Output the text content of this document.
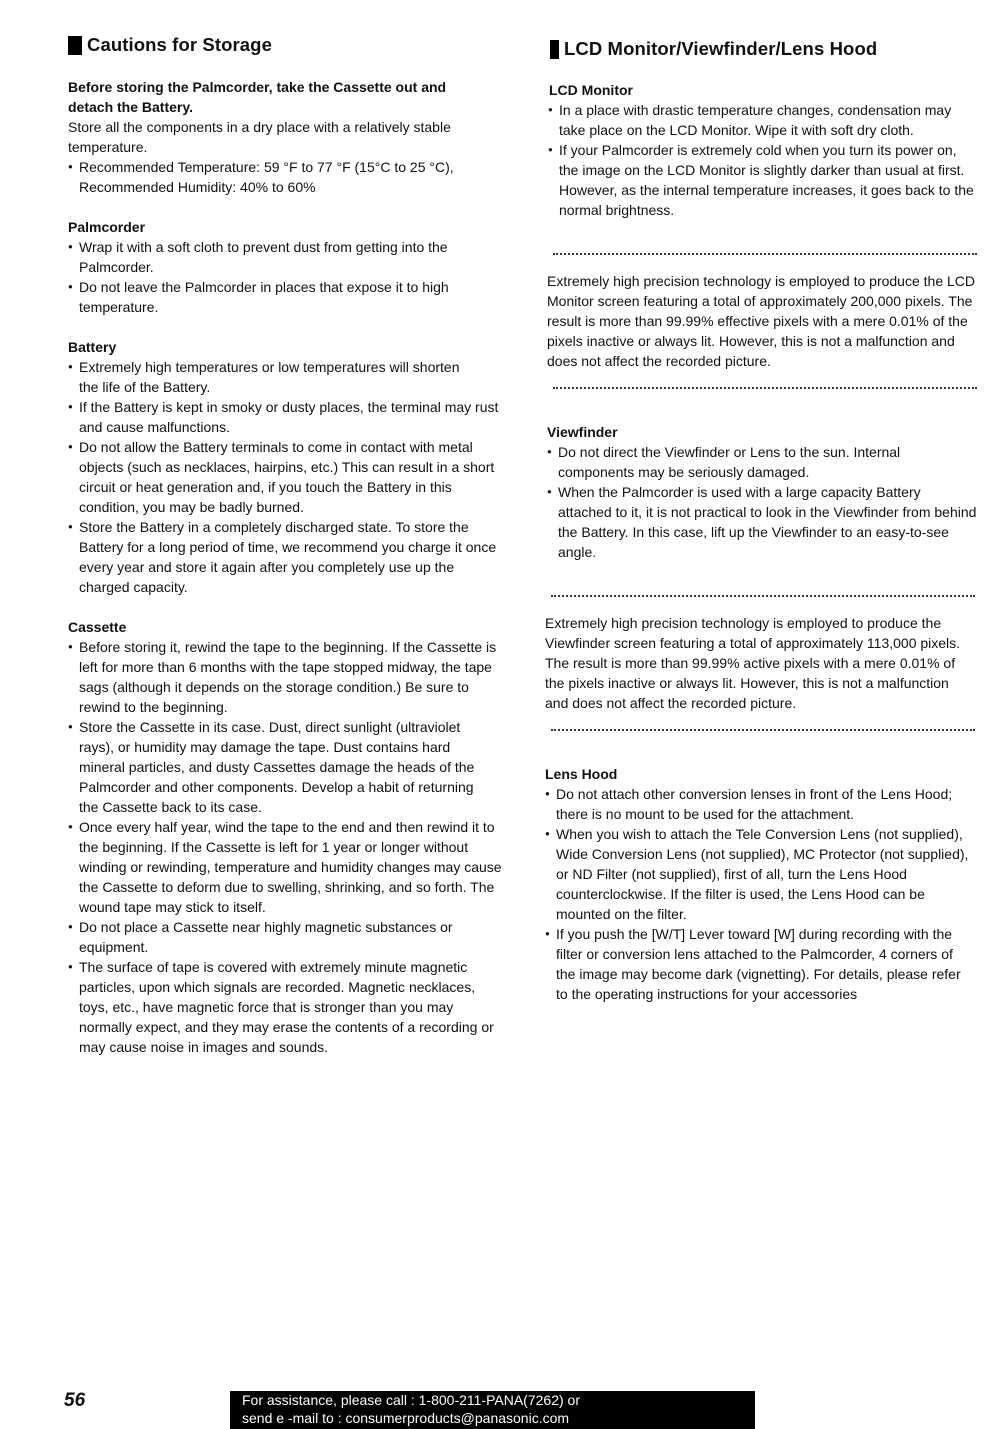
Cautions for Storage
Before storing the Palmcorder, take the Cassette out and detach the Battery.
Store all the components in a dry place with a relatively stable temperature.
● Recommended Temperature: 59 °F to 77 °F (15°C to 25 °C), Recommended Humidity: 40% to 60%
Palmcorder
● Wrap it with a soft cloth to prevent dust from getting into the Palmcorder.
● Do not leave the Palmcorder in places that expose it to high temperature.
Battery
● Extremely high temperatures or low temperatures will shorten the life of the Battery.
● If the Battery is kept in smoky or dusty places, the terminal may rust and cause malfunctions.
● Do not allow the Battery terminals to come in contact with metal objects (such as necklaces, hairpins, etc.) This can result in a short circuit or heat generation and, if you touch the Battery in this condition, you may be badly burned.
● Store the Battery in a completely discharged state. To store the Battery for a long period of time, we recommend you charge it once every year and store it again after you completely use up the charged capacity.
Cassette
● Before storing it, rewind the tape to the beginning. If the Cassette is left for more than 6 months with the tape stopped midway, the tape sags (although it depends on the storage condition.) Be sure to rewind to the beginning.
● Store the Cassette in its case. Dust, direct sunlight (ultraviolet rays), or humidity may damage the tape. Dust contains hard mineral particles, and dusty Cassettes damage the heads of the Palmcorder and other components. Develop a habit of returning the Cassette back to its case.
● Once every half year, wind the tape to the end and then rewind it to the beginning. If the Cassette is left for 1 year or longer without winding or rewinding, temperature and humidity changes may cause the Cassette to deform due to swelling, shrinking, and so forth. The wound tape may stick to itself.
● Do not place a Cassette near highly magnetic substances or equipment.
● The surface of tape is covered with extremely minute magnetic particles, upon which signals are recorded. Magnetic necklaces, toys, etc., have magnetic force that is stronger than you may normally expect, and they may erase the contents of a recording or may cause noise in images and sounds.
LCD Monitor/Viewfinder/Lens Hood
LCD Monitor
● In a place with drastic temperature changes, condensation may take place on the LCD Monitor. Wipe it with soft dry cloth.
● If your Palmcorder is extremely cold when you turn its power on, the image on the LCD Monitor is slightly darker than usual at first. However, as the internal temperature increases, it goes back to the normal brightness.
Extremely high precision technology is employed to produce the LCD Monitor screen featuring a total of approximately 200,000 pixels. The result is more than 99.99% effective pixels with a mere 0.01% of the pixels inactive or always lit. However, this is not a malfunction and does not affect the recorded picture.
Viewfinder
● Do not direct the Viewfinder or Lens to the sun. Internal components may be seriously damaged.
● When the Palmcorder is used with a large capacity Battery attached to it, it is not practical to look in the Viewfinder from behind the Battery. In this case, lift up the Viewfinder to an easy-to-see angle.
Extremely high precision technology is employed to produce the Viewfinder screen featuring a total of approximately 113,000 pixels. The result is more than 99.99% active pixels with a mere 0.01% of the pixels inactive or always lit. However, this is not a malfunction and does not affect the recorded picture.
Lens Hood
● Do not attach other conversion lenses in front of the Lens Hood; there is no mount to be used for the attachment.
● When you wish to attach the Tele Conversion Lens (not supplied), Wide Conversion Lens (not supplied), MC Protector (not supplied), or ND Filter (not supplied), first of all, turn the Lens Hood counterclockwise. If the filter is used, the Lens Hood can be mounted on the filter.
● If you push the [W/T] Lever toward [W] during recording with the filter or conversion lens attached to the Palmcorder, 4 corners of the image may become dark (vignetting). For details, please refer to the operating instructions for your accessories
56	For assistance, please call : 1-800-211-PANA(7262) or
send e -mail to : consumerproducts@panasonic.com
